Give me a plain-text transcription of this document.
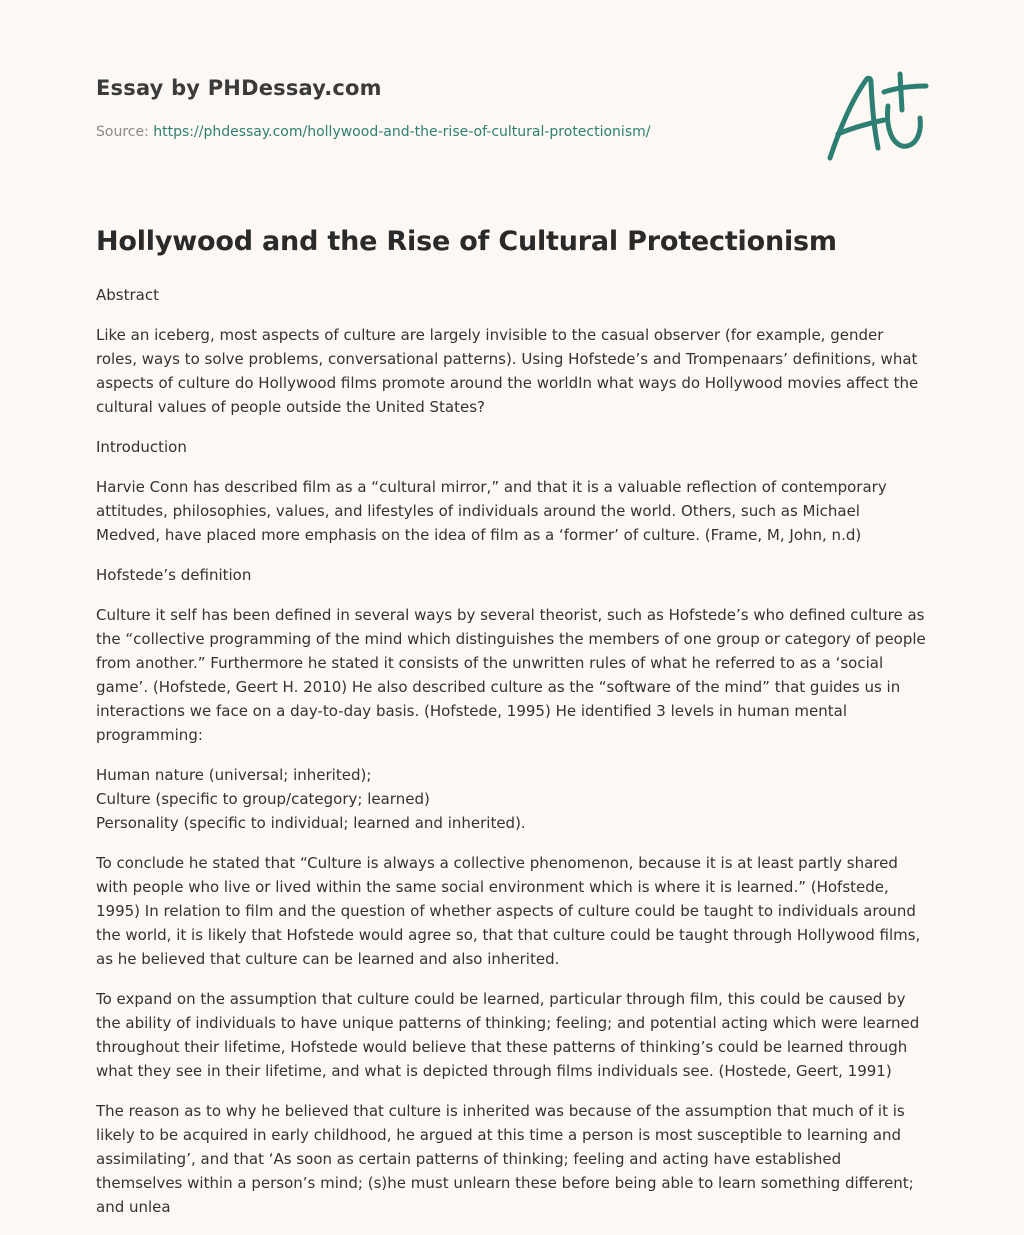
Essay by PHDessay.com

Source: https://phdessay.com/hollywood-and-the-rise-of-cultural-protectionism/
Hollywood and the Rise of Cultural Protectionism

Abstract

Like an iceberg, most aspects of culture are largely invisible to the casual observer (for example, gender roles, ways to solve problems, conversational patterns). Using Hofstede’s and Trompenaars’ definitions, what aspects of culture do Hollywood films promote around the worldIn what ways do Hollywood movies affect the cultural values of people outside the United States?

Introduction

Harvie Conn has described film as a “cultural mirror,” and that it is a valuable reflection of contemporary attitudes, philosophies, values, and lifestyles of individuals around the world. Others, such as Michael Medved, have placed more emphasis on the idea of film as a ‘former’ of culture. (Frame, M, John, n.d)

Hofstede’s definition

Culture it self has been defined in several ways by several theorist, such as Hofstede’s who defined culture as the “collective programming of the mind which distinguishes the members of one group or category of people from another.” Furthermore he stated it consists of the unwritten rules of what he referred to as a ‘social game’. (Hofstede, Geert H. 2010) He also described culture as the “software of the mind” that guides us in interactions we face on a day-to-day basis. (Hofstede, 1995) He identified 3 levels in human mental programming:

Human nature (universal; inherited);
Culture (specific to group/category; learned)
Personality (specific to individual; learned and inherited).

To conclude he stated that “Culture is always a collective phenomenon, because it is at least partly shared with people who live or lived within the same social environment which is where it is learned.” (Hofstede, 1995) In relation to film and the question of whether aspects of culture could be taught to individuals around the world, it is likely that Hofstede would agree so, that that culture could be taught through Hollywood films, as he believed that culture can be learned and also inherited.

To expand on the assumption that culture could be learned, particular through film, this could be caused by the ability of individuals to have unique patterns of thinking; feeling; and potential acting which were learned throughout their lifetime, Hofstede would believe that these patterns of thinking’s could be learned through what they see in their lifetime, and what is depicted through films individuals see. (Hostede, Geert, 1991)

The reason as to why he believed that culture is inherited was because of the assumption that much of it is likely to be acquired in early childhood, he argued at this time a person is most susceptible to learning and assimilating’, and that ‘As soon as certain patterns of thinking; feeling and acting have established themselves within a person’s mind; (s)he must unlearn these before being able to learn something different; and unlea
